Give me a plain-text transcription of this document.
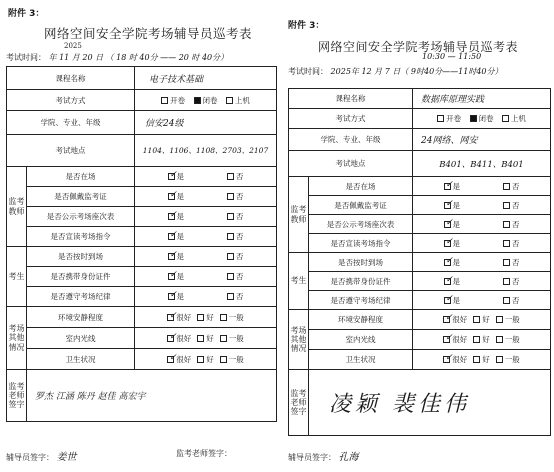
附件 3：
网络空间安全学院考场辅导员巡考表
2025
考试时间： 年 11 月 20 日 （ 18 时 40分 —— 20 时 40分）
课程名称		电子技术基础
考试方式		开卷 闭卷 上机
学院、专业、年级		信安24级
考试地点		1104、1106、1108、2703、2107
监考教师	是否在场	✓ 是 否
	是否佩戴监考证	✓ 是 否
	是否公示考场座次表	✓ 是 否
	是否宣读考场指令	✓ 是 否
考生	是否按时到场	✓ 是 否
	是否携带身份证件	✓ 是 否
	是否遵守考场纪律	✓ 是 否
考场其他情况	环境安静程度	✓ 很好 好 一般
	室内光线	✓ 很好 好 一般
	卫生状况	✓ 很好 好 一般
监考老师签字	罗杰 江涵 陈丹 赵佳 高宏宇	
辅导员签字： 姜世	监考老师签字：
附件 3：
网络空间安全学院考场辅导员巡考表
10:30 — 11:50
考试时间： 2025年 12 月 7 日（ 9时40分——11时40分）
课程名称		数据库原理实践
考试方式		开卷 闭卷 上机
学院、专业、年级		24网络、网安
考试地点		B401、B411、B401
监考教师	是否在场	✓ 是 否
	是否佩戴监考证	✓ 是 否
	是否公示考场座次表	✓ 是 否
	是否宣读考场指令	✓ 是 否
考生	是否按时到场	✓ 是 否
	是否携带身份证件	✓ 是 否
	是否遵守考场纪律	✓ 是 否
考场其他情况	环境安静程度	✓ 很好 好 一般
	室内光线	✓ 很好 好 一般
	卫生状况	✓ 很好 好 一般
监考老师签字	凌颖 裴佳伟	
辅导员签字： 孔海
